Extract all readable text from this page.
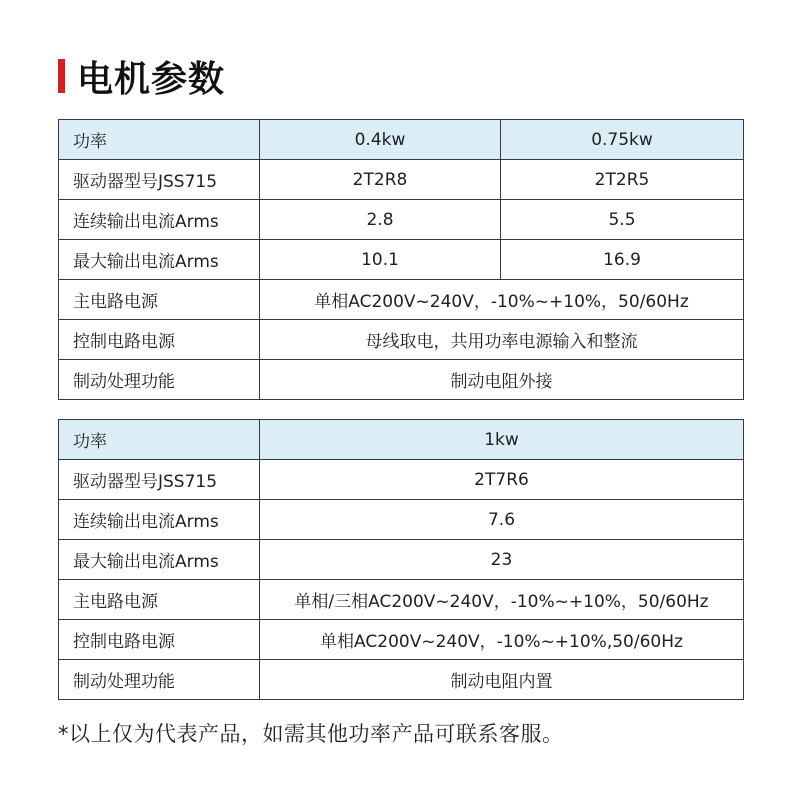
电机参数
功率	0.4kw	0.75kw
驱动器型号JSS715	2T2R8	2T2R5
连续输出电流Arms	2.8	5.5
最大输出电流Arms	10.1	16.9
主电路电源	单相AC200V~240V，-10%~+10%，50/60Hz	
控制电路电源	母线取电，共用功率电源输入和整流	
制动处理功能	制动电阻外接	
功率	1kw
驱动器型号JSS715	2T7R6
连续输出电流Arms	7.6
最大输出电流Arms	23
主电路电源	单相/三相AC200V~240V，-10%~+10%，50/60Hz
控制电路电源	单相AC200V~240V，-10%~+10%,50/60Hz
制动处理功能	制动电阻内置
*以上仅为代表产品，如需其他功率产品可联系客服。
